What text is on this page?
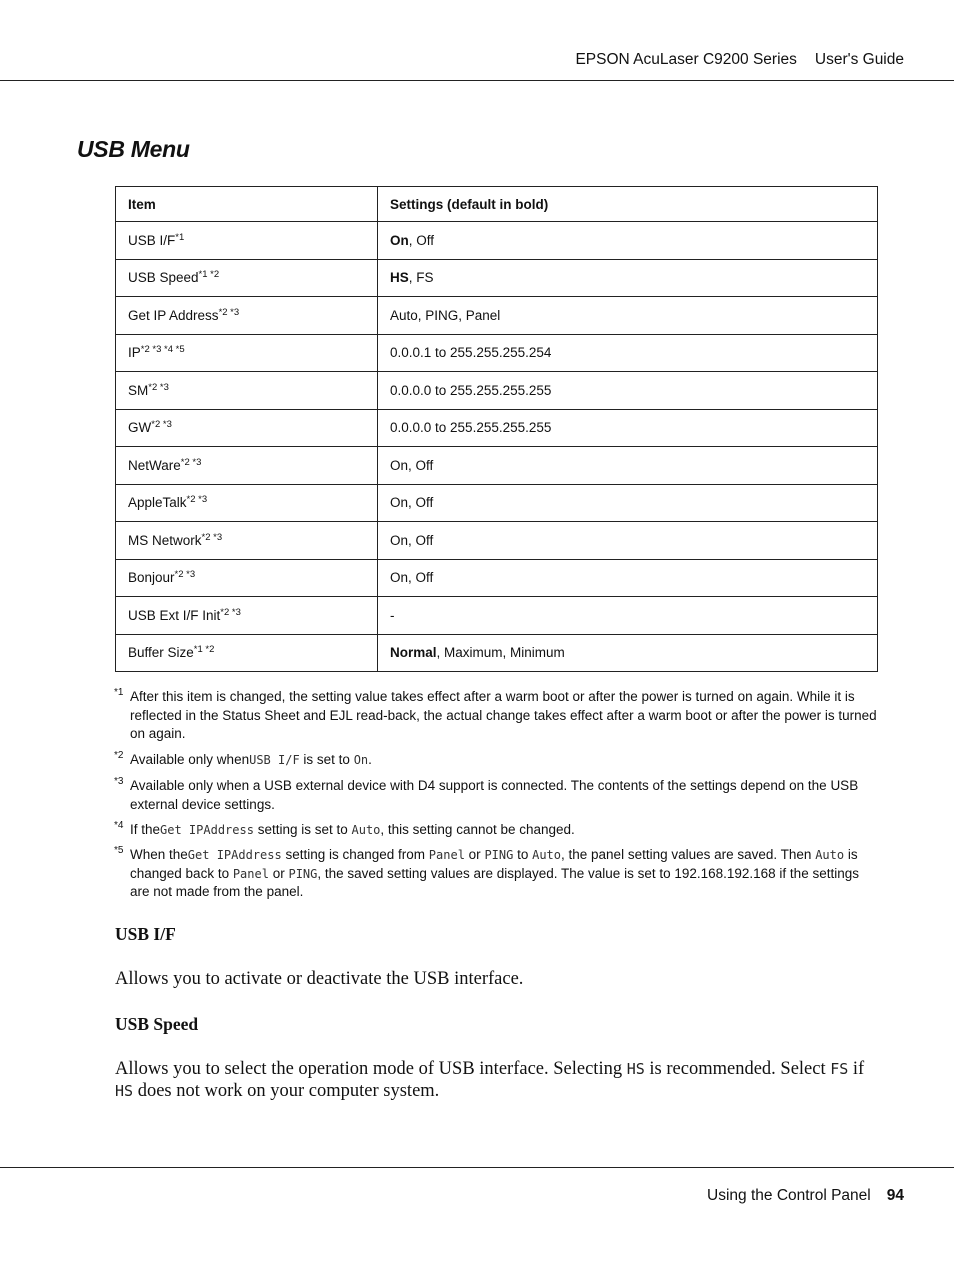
EPSON AcuLaser C9200 Series User's Guide
USB Menu
Item	Settings (default in bold)
USB $I/F^{*1}$	On, Off
USB Speed$^{*1 *2}$	HS, FS
Get IP Address$^{*2 *3}$	Auto, PING, Panel
$IP^{*2 *3 *4 *5}$	0.0.0.1 to 255.255.255.254
$SM^{*2 *3}$	0.0.0.0 to 255.255.255.255
$GW^{*2 *3}$	0.0.0.0 to 255.255.255.255
NetWare$^{*2 *3}$	On, Off
AppleTalk$^{*2 *3}$	On, Off
MS Network$^{*2 *3}$	On, Off
Bonjour$^{*2 *3}$	On, Off
USB Ext I/F Init$^{*2 *3}$	-
Buffer Size$^{*1 *2}$	Normal, Maximum, Minimum
*1 After this item is changed, the setting value takes effect after a warm boot or after the power is turned on again. While it is reflected in the Status Sheet and EJL read-back, the actual change takes effect after a warm boot or after the power is turned on again.
*2 Available only whenUSB I/F is set to On.
*3 Available only when a USB external device with D4 support is connected. The contents of the settings depend on the USB external device settings.
*4 If theGet IPAddress setting is set to Auto, this setting cannot be changed.
*5 When theGet IPAddress setting is changed from Panel or PING to Auto, the panel setting values are saved. Then Auto is changed back to Panel or PING, the saved setting values are displayed. The value is set to 192.168.192.168 if the settings are not made from the panel.
USB I/F
Allows you to activate or deactivate the USB interface.
USB Speed
Allows you to select the operation mode of USB interface. Selecting HS is recommended. Select FS if HS does not work on your computer system.
Using the Control Panel 94
